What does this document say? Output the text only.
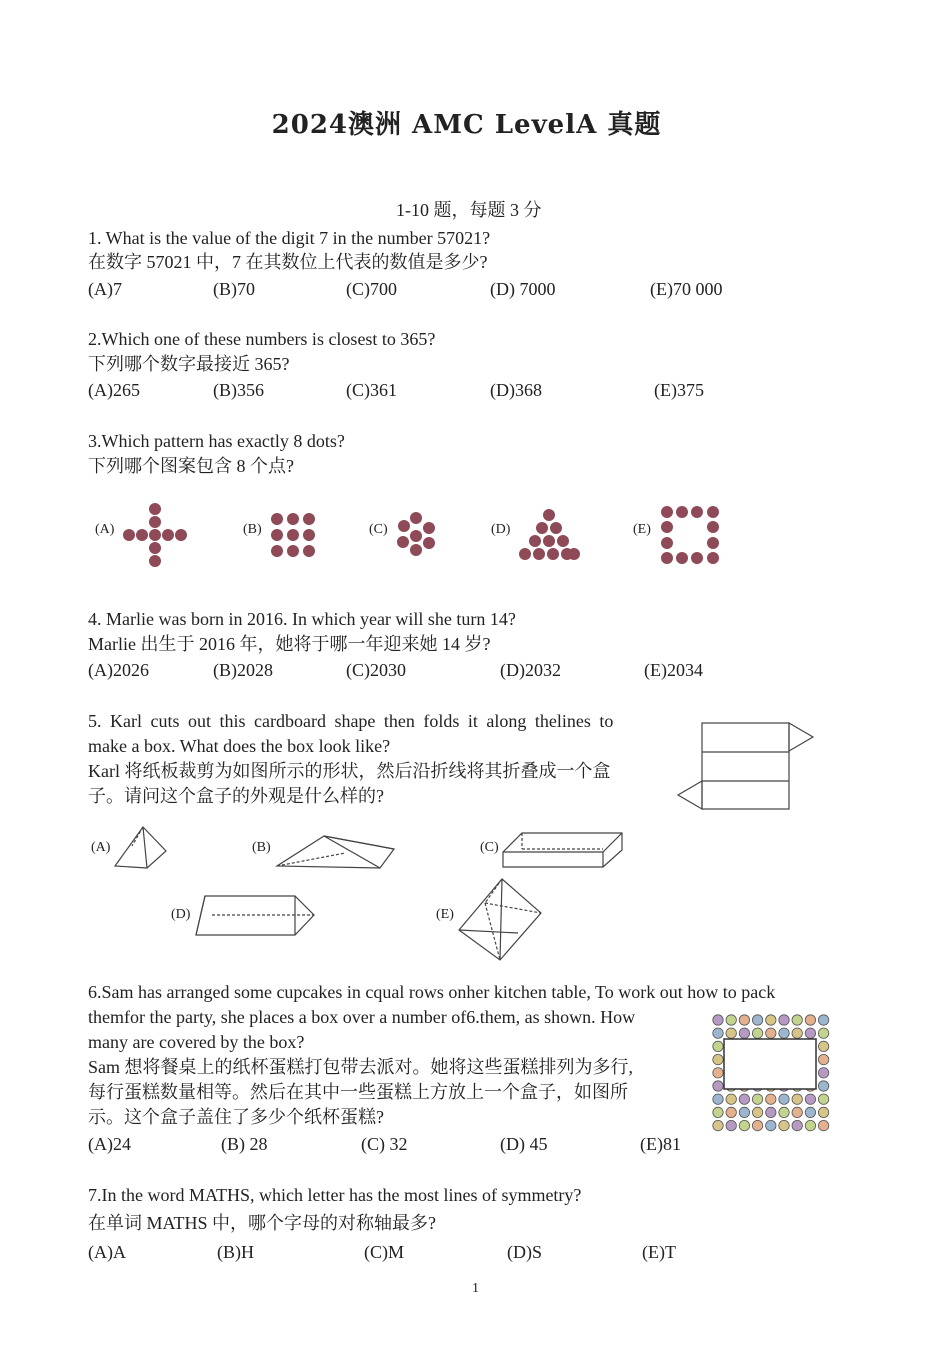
2024澳洲 AMC LevelA 真题
1-10 题，每题 3 分
1. What is the value of the digit 7 in the number 57021?
在数字 57021 中，7 在其数位上代表的数值是多少?
(A)7	(B)70	(C)700	(D) 7000	(E)70 000
2.Which one of these numbers is closest to 365?
下列哪个数字最接近 365?
(A)265	(B)356	(C)361	(D)368	(E)375
3.Which pattern has exactly 8 dots?
下列哪个图案包含 8 个点?
(A)	(B)	(C)	(D)	(E)
4. Marlie was born in 2016. In which year will she turn 14?
Marlie 出生于 2016 年，她将于哪一年迎来她 14 岁?
(A)2026	(B)2028	(C)2030	(D)2032	(E)2034
5. Karl cuts out this cardboard shape then folds it along thelines to
make a box. What does the box look like?
Karl 将纸板裁剪为如图所示的形状，然后沿折线将其折叠成一个盒
子。请问这个盒子的外观是什么样的?
(A)	(B)	(C)
(D)	(E)
6.Sam has arranged some cupcakes in cqual rows onher kitchen table, To work out how to pack
themfor the party, she places a box over a number of6.them, as shown. How
many are covered by the box?
Sam 想将餐桌上的纸杯蛋糕打包带去派对。她将这些蛋糕排列为多行,
每行蛋糕数量相等。然后在其中一些蛋糕上方放上一个盒子，如图所
示。这个盒子盖住了多少个纸杯蛋糕?
(A)24	(B) 28	(C) 32	(D) 45	(E)81
7.In the word MATHS, which letter has the most lines of symmetry?
在单词 MATHS 中，哪个字母的对称轴最多?
(A)A	(B)H	(C)M	(D)S	(E)T
1
